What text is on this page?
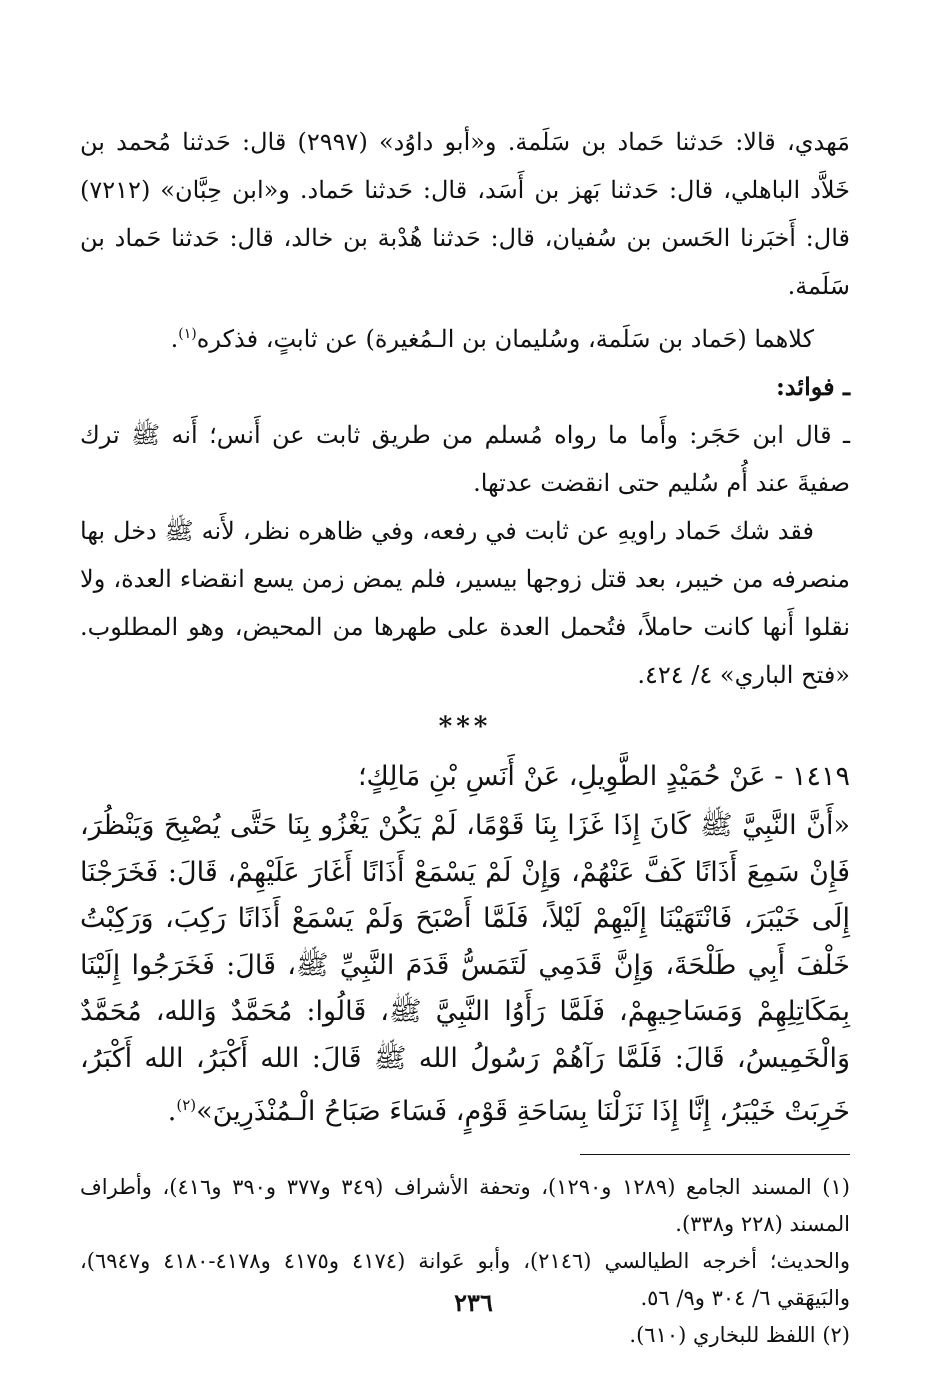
مَهدي، قالا: حَدثنا حَماد بن سَلَمة. و«أبو داوُد» (٢٩٩٧) قال: حَدثنا مُحمد بن خَلاَّد الباهلي، قال: حَدثنا بَهز بن أَسَد، قال: حَدثنا حَماد. و«ابن حِبَّان» (٧٢١٢) قال: أَخبَرنا الحَسن بن سُفيان، قال: حَدثنا هُدْبة بن خالد، قال: حَدثنا حَماد بن سَلَمة.

كلاهما (حَماد بن سَلَمة، وسُليمان بن الـمُغيرة) عن ثابتٍ، فذكره$^{(١)}$.

ـ فوائد:

ـ قال ابن حَجَر: وأَما ما رواه مُسلم من طريق ثابت عن أَنس؛ أَنه ﷺ ترك صفيةَ عند أُم سُليم حتى انقضت عدتها.

فقد شك حَماد راويهِ عن ثابت في رفعه، وفي ظاهره نظر، لأَنه ﷺ دخل بها منصرفه من خيبر، بعد قتل زوجها بيسير، فلم يمض زمن يسع انقضاء العدة، ولا نقلوا أَنها كانت حاملاً، فتُحمل العدة على طهرها من المحيض، وهو المطلوب. «فتح الباري» ٤/ ٤٢٤.

***

١٤١٩ - عَنْ حُمَيْدٍ الطَّوِيلِ، عَنْ أَنَسِ بْنِ مَالِكٍ؛

«أَنَّ النَّبِيَّ ﷺ كَانَ إِذَا غَزَا بِنَا قَوْمًا، لَمْ يَكُنْ يَغْزُو بِنَا حَتَّى يُصْبِحَ وَيَنْظُرَ، فَإِنْ سَمِعَ أَذَانًا كَفَّ عَنْهُمْ، وَإِنْ لَمْ يَسْمَعْ أَذَانًا أَغَارَ عَلَيْهِمْ، قَالَ: فَخَرَجْنَا إِلَى خَيْبَرَ، فَانْتَهَيْنَا إِلَيْهِمْ لَيْلاً، فَلَمَّا أَصْبَحَ وَلَمْ يَسْمَعْ أَذَانًا رَكِبَ، وَرَكِبْتُ خَلْفَ أَبِي طَلْحَةَ، وَإِنَّ قَدَمِي لَتَمَسُّ قَدَمَ النَّبِيِّ ﷺ، قَالَ: فَخَرَجُوا إِلَيْنَا بِمَكَاتِلِهِمْ وَمَسَاحِيهِمْ، فَلَمَّا رَأَوُا النَّبِيَّ ﷺ، قَالُوا: مُحَمَّدٌ وَالله، مُحَمَّدٌ وَالْخَمِيسُ، قَالَ: فَلَمَّا رَآهُمْ رَسُولُ الله ﷺ قَالَ: الله أَكْبَرُ، الله أَكْبَرُ، خَرِبَتْ خَيْبَرُ، إِنَّا إِذَا نَزَلْنَا بِسَاحَةِ قَوْمٍ، فَسَاءَ صَبَاحُ الْـمُنْذَرِينَ»$^{(٢)}$.

(١) المسند الجامع (١٢٨٩ و١٢٩٠)، وتحفة الأشراف (٣٤٩ و٣٧٧ و٣٩٠ و٤١٦)، وأطراف المسند (٢٢٨ و٣٣٨).

والحديث؛ أخرجه الطيالسي (٢١٤٦)، وأبو عَوانة (٤١٧٤ و٤١٧٥ و٤١٧٨-٤١٨٠ و٦٩٤٧)، والبَيهَقي ٦/ ٣٠٤ و٩/ ٥٦.

(٢) اللفظ للبخاري (٦١٠).

٢٣٦
